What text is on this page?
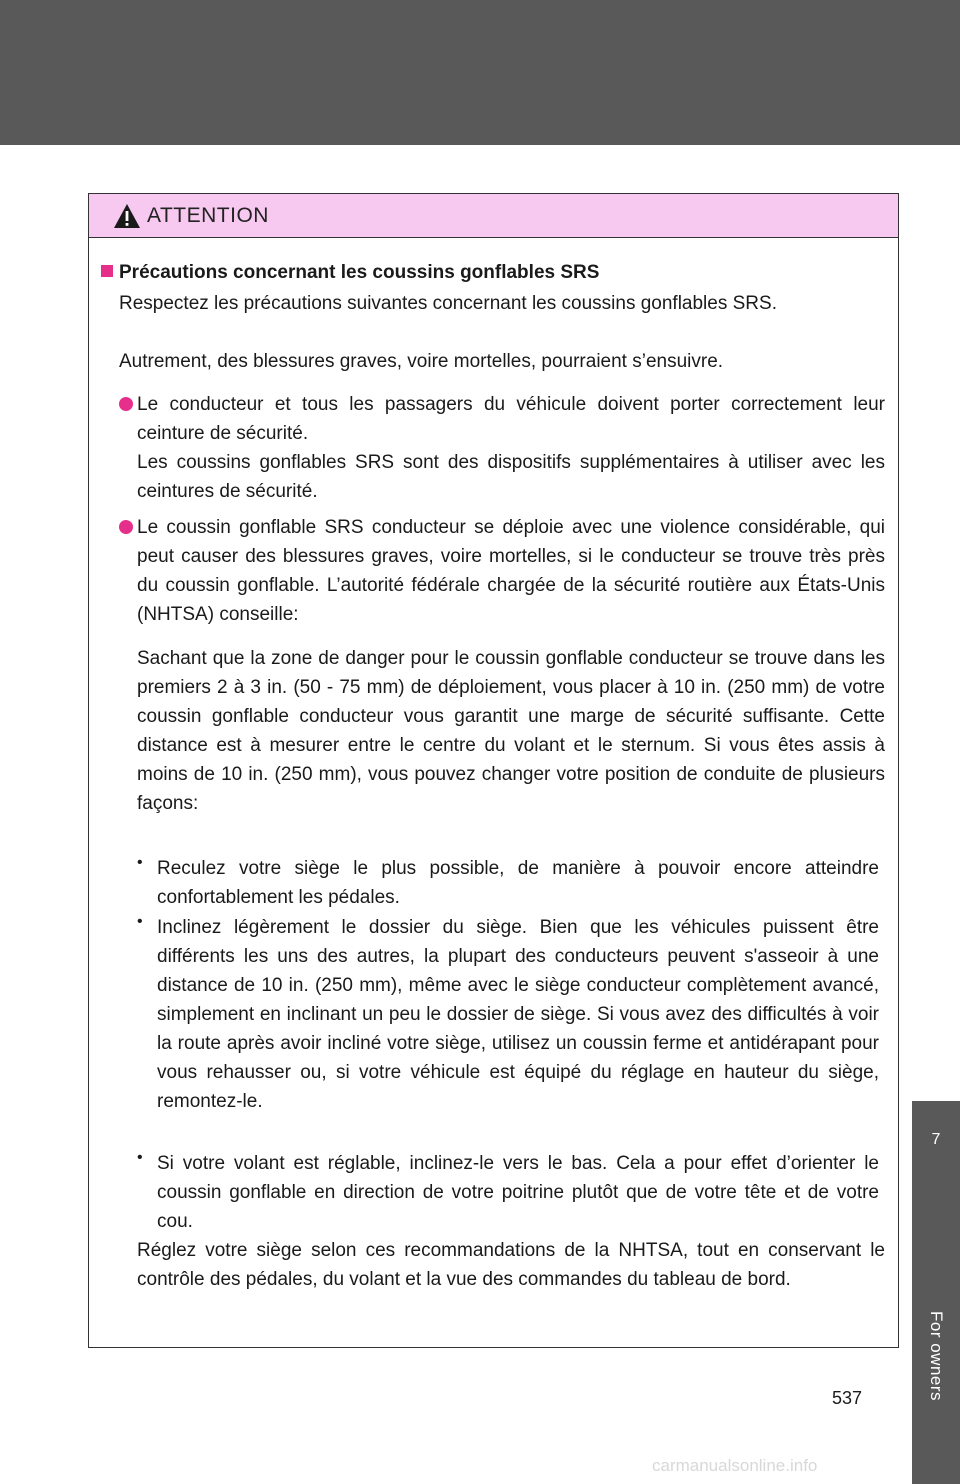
ATTENTION
Précautions concernant les coussins gonflables SRS

Respectez les précautions suivantes concernant les coussins gonflables SRS.

Autrement, des blessures graves, voire mortelles, pourraient s’ensuivre.

Le conducteur et tous les passagers du véhicule doivent porter correctement leur ceinture de sécurité.

Les coussins gonflables SRS sont des dispositifs supplémentaires à utiliser avec les ceintures de sécurité.

Le coussin gonflable SRS conducteur se déploie avec une violence considérable, qui peut causer des blessures graves, voire mortelles, si le conducteur se trouve très près du coussin gonflable. L’autorité fédérale chargée de la sécurité routière aux États-Unis (NHTSA) conseille:

Sachant que la zone de danger pour le coussin gonflable conducteur se trouve dans les premiers 2 à 3 in. (50 - 75 mm) de déploiement, vous placer à 10 in. (250 mm) de votre coussin gonflable conducteur vous garantit une marge de sécurité suffisante. Cette distance est à mesurer entre le centre du volant et le sternum. Si vous êtes assis à moins de 10 in. (250 mm), vous pouvez changer votre position de conduite de plusieurs façons:

• Reculez votre siège le plus possible, de manière à pouvoir encore atteindre confortablement les pédales.

• Inclinez légèrement le dossier du siège. Bien que les véhicules puissent être différents les uns des autres, la plupart des conducteurs peuvent s'asseoir à une distance de 10 in. (250 mm), même avec le siège conducteur complètement avancé, simplement en inclinant un peu le dossier de siège. Si vous avez des difficultés à voir la route après avoir incliné votre siège, utilisez un coussin ferme et antidérapant pour vous rehausser ou, si votre véhicule est équipé du réglage en hauteur du siège, remontez-le.

• Si votre volant est réglable, inclinez-le vers le bas. Cela a pour effet d’orienter le coussin gonflable en direction de votre poitrine plutôt que de votre tête et de votre cou.

Réglez votre siège selon ces recommandations de la NHTSA, tout en conservant le contrôle des pédales, du volant et la vue des commandes du tableau de bord.

7
For owners
537
carmanualsonline.info
